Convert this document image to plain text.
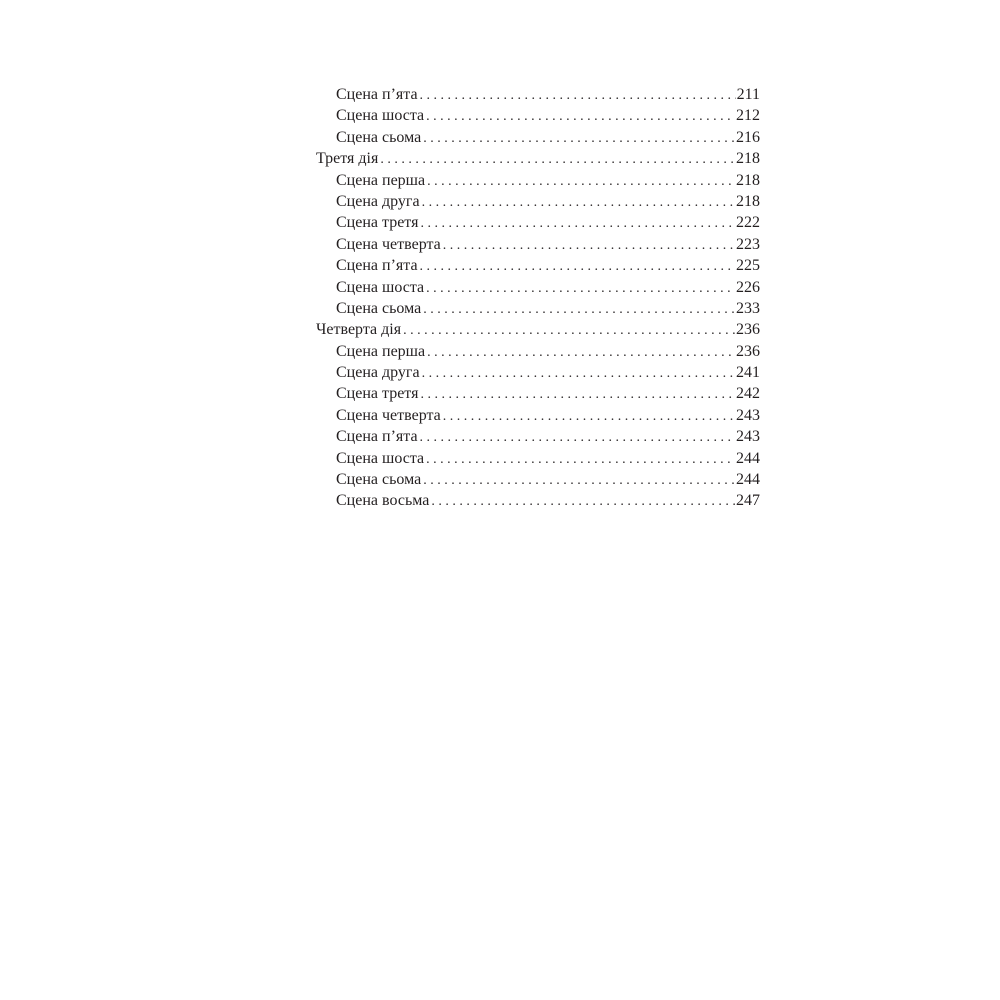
Сцена п’ята . . .	211
Сцена шоста . . .	212
Сцена сьома . . .	216
Третя дія . . .	218
Сцена перша . . .	218
Сцена друга . . .	218
Сцена третя . . .	222
Сцена четверта . . .	223
Сцена п’ята . . .	225
Сцена шоста . . .	226
Сцена сьома . . .	233
Четверта дія . . .	236
Сцена перша . . .	236
Сцена друга . . .	241
Сцена третя . . .	242
Сцена четверта . . .	243
Сцена п’ята . . .	243
Сцена шоста . . .	244
Сцена сьома . . .	244
Сцена восьма . . .	247
